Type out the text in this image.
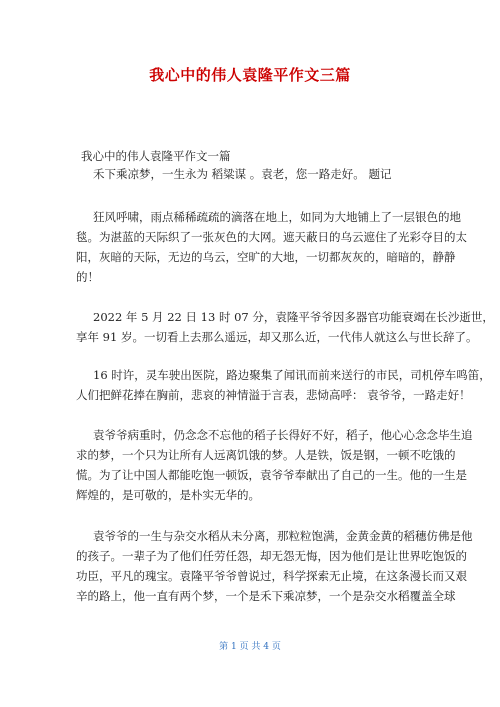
我心中的伟人袁隆平作文三篇
我心中的伟人袁隆平作文一篇
禾下乘凉梦，一生永为 稻粱谋 。袁老，您一路走好。 题记
狂风呼啸，雨点稀稀疏疏的滴落在地上，如同为大地铺上了一层银色的地
毯。为湛蓝的天际织了一张灰色的大网。遮天蔽日的乌云遮住了光彩夺目的太
阳，灰暗的天际，无边的乌云，空旷的大地，一切都灰灰的，暗暗的，静静
的！
2022 年 5 月 22 日 13 时 07 分，袁隆平爷爷因多器官功能衰竭在长沙逝世，
享年 91 岁。一切看上去那么遥远，却又那么近，一代伟人就这么与世长辞了。
16 时许，灵车驶出医院，路边聚集了闻讯而前来送行的市民，司机停车鸣笛，
人们把鲜花捧在胸前，悲哀的神情溢于言表，悲恸高呼： 袁爷爷，一路走好！
袁爷爷病重时，仍念念不忘他的稻子长得好不好，稻子，他心心念念毕生追
求的梦，一个只为让所有人远离饥饿的梦。人是铁，饭是钢，一顿不吃饿的
慌。为了让中国人都能吃饱一顿饭，袁爷爷奉献出了自己的一生。他的一生是
辉煌的，是可敬的，是朴实无华的。
袁爷爷的一生与杂交水稻从未分离，那粒粒饱满，金黄金黄的稻穗仿佛是他
的孩子。一辈子为了他们任劳任怨，却无怨无悔，因为他们是让世界吃饱饭的
功臣，平凡的瑰宝。袁隆平爷爷曾说过，科学探索无止境，在这条漫长而又艰
辛的路上，他一直有两个梦，一个是禾下乘凉梦，一个是杂交水稻覆盖全球
第 1 页 共 4 页
